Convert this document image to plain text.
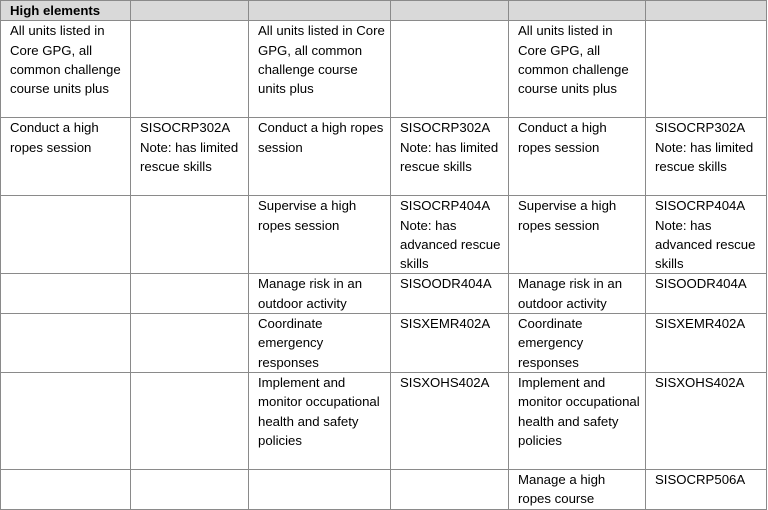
High elements					
All units listed in Core GPG, all common challenge course units plus		All units listed in Core GPG, all common challenge course units plus		All units listed in Core GPG, all common challenge course units plus	
Conduct a high ropes session	SISOCRP302A Note: has limited rescue skills	Conduct a high ropes session	SISOCRP302A Note: has limited rescue skills	Conduct a high ropes session	SISOCRP302A Note: has limited rescue skills
		Supervise a high ropes session	SISOCRP404A Note: has advanced rescue skills	Supervise a high ropes session	SISOCRP404A Note: has advanced rescue skills
		Manage risk in an outdoor activity	SISOODR404A	Manage risk in an outdoor activity	SISOODR404A
		Coordinate emergency responses	SISXEMR402A	Coordinate emergency responses	SISXEMR402A
		Implement and monitor occupational health and safety policies	SISXOHS402A	Implement and monitor occupational health and safety policies	SISXOHS402A
				Manage a high ropes course	SISOCRP506A
